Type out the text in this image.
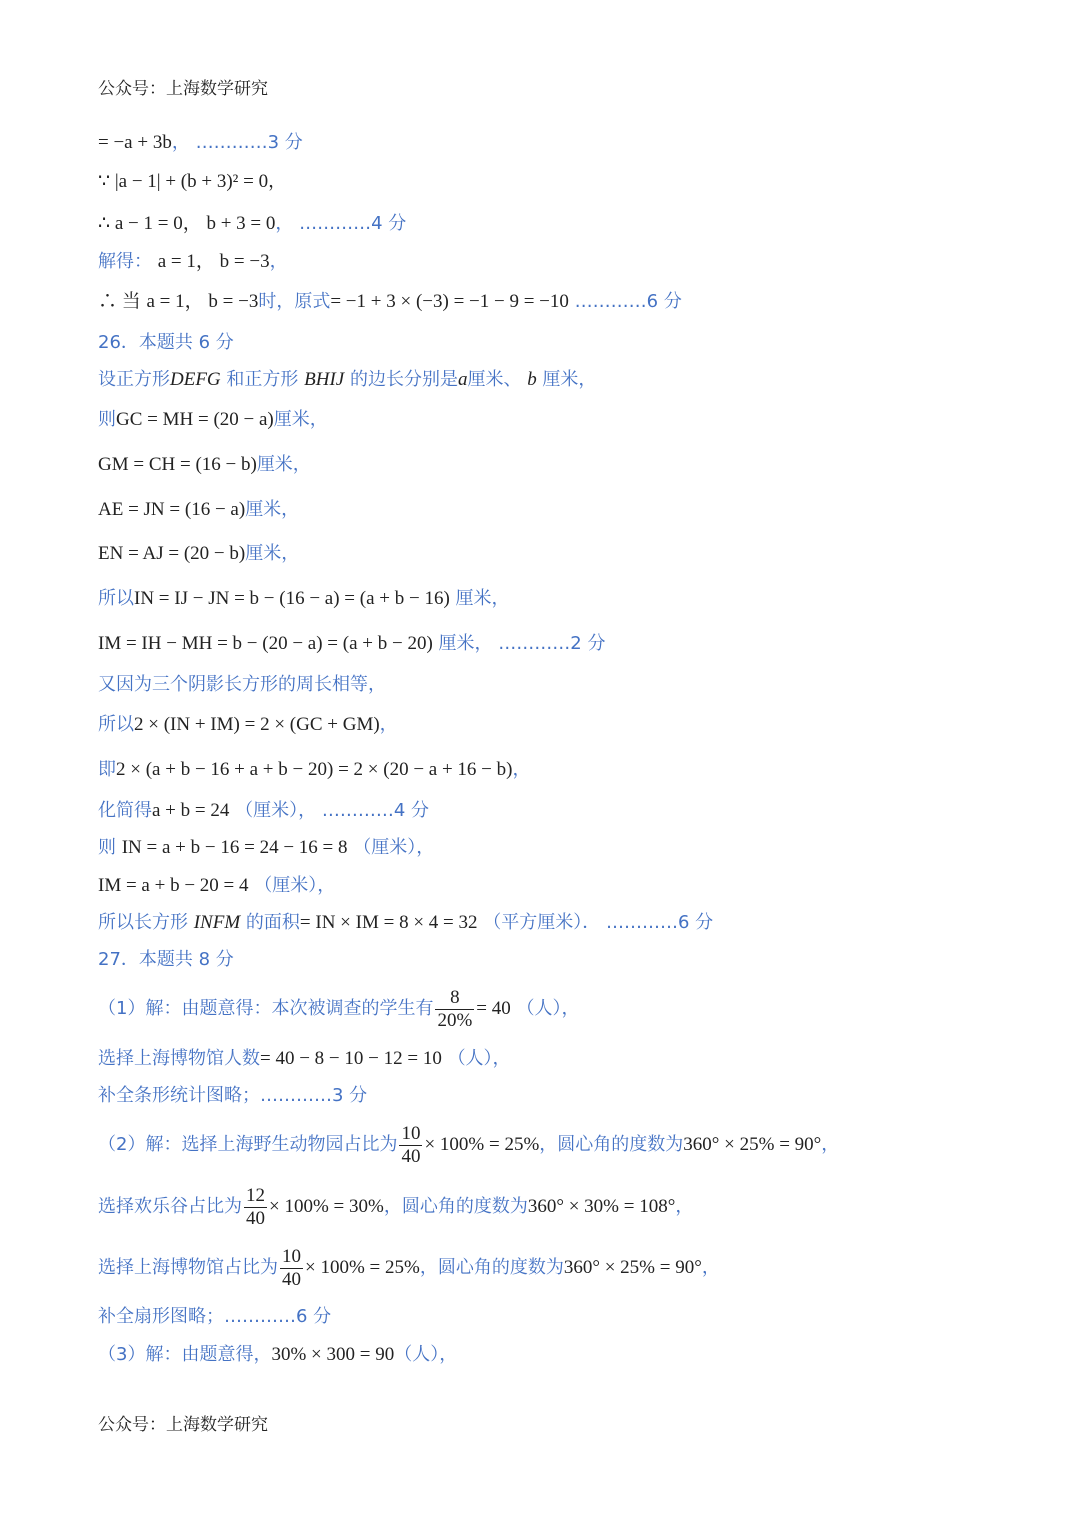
公众号：上海数学研究
= −a + 3b， …………3 分
∵ |a − 1| + (b + 3)² = 0，
∴ a − 1 = 0， b + 3 = 0， …………4 分
解得： a = 1， b = −3，
∴ 当 a = 1， b = −3时，原式= −1 + 3 × (−3) = −1 − 9 = −10 …………6 分
26．本题共 6 分
设正方形DEFG 和正方形 BHIJ 的边长分别是a厘米、 b 厘米，
则GC = MH = (20 − a)厘米，
GM = CH = (16 − b)厘米，
AE = JN = (16 − a)厘米，
EN = AJ = (20 − b)厘米，
所以IN = IJ − JN = b − (16 − a) = (a + b − 16) 厘米，
IM = IH − MH = b − (20 − a) = (a + b − 20) 厘米， …………2 分
又因为三个阴影长方形的周长相等，
所以2 × (IN + IM) = 2 × (GC + GM)，
即2 × (a + b − 16 + a + b − 20) = 2 × (20 − a + 16 − b)，
化简得a + b = 24 （厘米）， …………4 分
则 IN = a + b − 16 = 24 − 16 = 8 （厘米），
IM = a + b − 20 = 4 （厘米），
所以长方形 INFM 的面积= IN × IM = 8 × 4 = 32 （平方厘米）． …………6 分
27．本题共 8 分
（1）解：由题意得：本次被调查的学生有 $\frac{8}{20\%} = 40$ （人），
选择上海博物馆人数= 40 − 8 − 10 − 12 = 10 （人），
补全条形统计图略；…………3 分
（2）解：选择上海野生动物园占比为 $\frac{10}{40} \times 100\% = 25\%$，圆心角的度数为360° × 25% = 90°，
选择欢乐谷占比为 $\frac{12}{40} \times 100\% = 30\%$，圆心角的度数为360° × 30% = 108°，
选择上海博物馆占比为 $\frac{10}{40} \times 100\% = 25\%$，圆心角的度数为360° × 25% = 90°，
补全扇形图略；…………6 分
（3）解：由题意得，30% × 300 = 90（人），
公众号：上海数学研究
